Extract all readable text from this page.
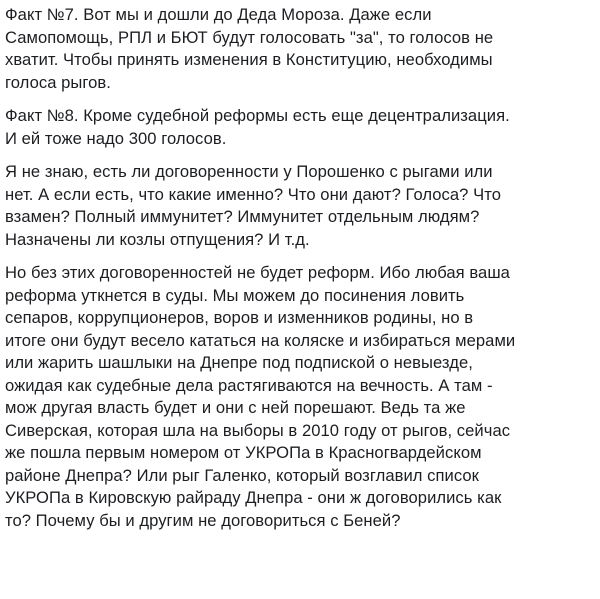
Факт №7. Вот мы и дошли до Деда Мороза. Даже если
Самопомощь, РПЛ и БЮТ будут голосовать "за", то голосов не
хватит. Чтобы принять изменения в Конституцию, необходимы
голоса рыгов.

Факт №8. Кроме судебной реформы есть еще децентрализация.
И ей тоже надо 300 голосов.

Я не знаю, есть ли договоренности у Порошенко с рыгами или
нет. А если есть, что какие именно? Что они дают? Голоса? Что
взамен? Полный иммунитет? Иммунитет отдельным людям?
Назначены ли козлы отпущения? И т.д.

Но без этих договоренностей не будет реформ. Ибо любая ваша
реформа уткнется в суды. Мы можем до посинения ловить
сепаров, коррупционеров, воров и изменников родины, но в
итоге они будут весело кататься на коляске и избираться мерами
или жарить шашлыки на Днепре под подпиской о невыезде,
ожидая как судебные дела растягиваются на вечность. А там -
мож другая власть будет и они с ней порешают. Ведь та же
Сиверская, которая шла на выборы в 2010 году от рыгов, сейчас
же пошла первым номером от УКРОПа в Красногвардейском
районе Днепра? Или рыг Галенко, который возглавил список
УКРОПа в Кировскую райраду Днепра - они ж договорились как
то? Почему бы и другим не договориться с Беней?
